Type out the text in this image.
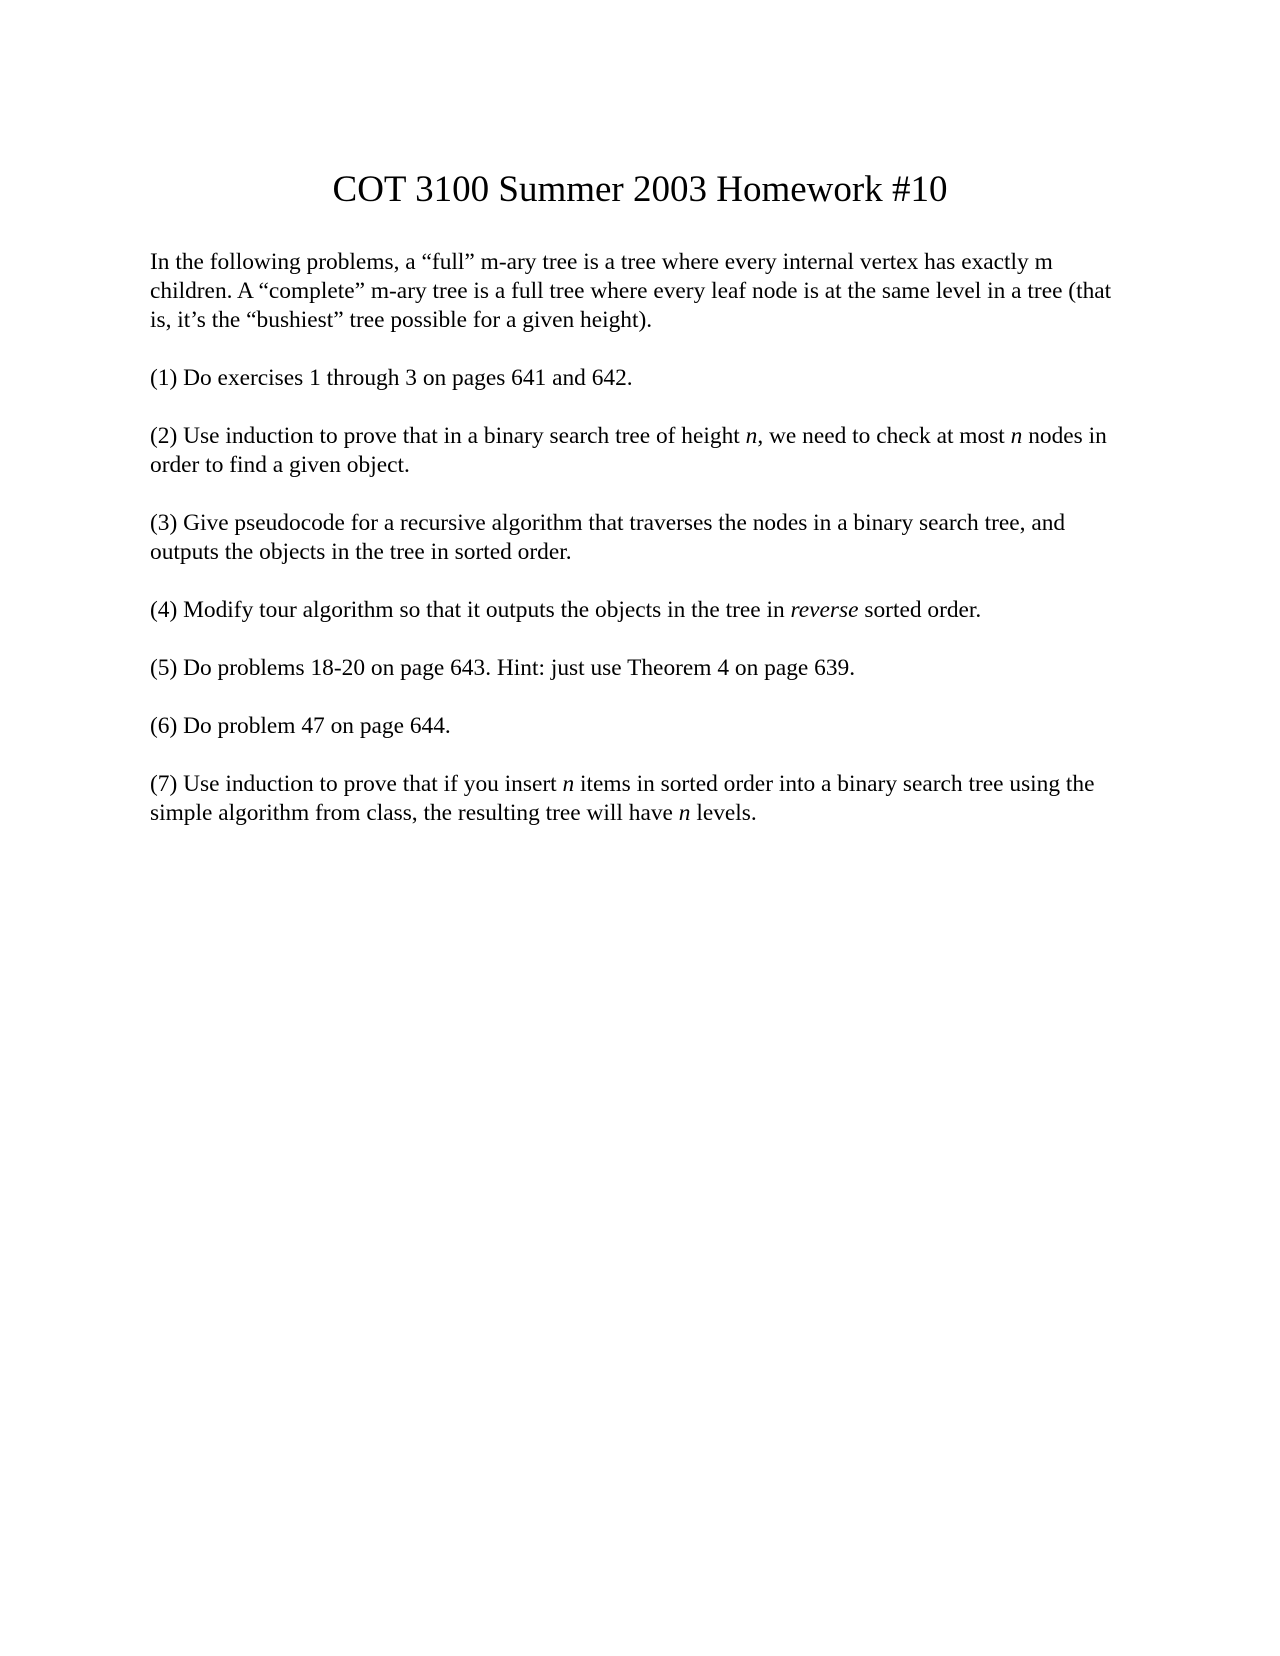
COT 3100 Summer 2003 Homework #10

In the following problems, a “full” m-ary tree is a tree where every internal vertex has exactly m children. A “complete” m-ary tree is a full tree where every leaf node is at the same level in a tree (that is, it’s the “bushiest” tree possible for a given height).

(1) Do exercises 1 through 3 on pages 641 and 642.

(2) Use induction to prove that in a binary search tree of height n, we need to check at most n nodes in order to find a given object.

(3) Give pseudocode for a recursive algorithm that traverses the nodes in a binary search tree, and outputs the objects in the tree in sorted order.

(4) Modify tour algorithm so that it outputs the objects in the tree in reverse sorted order.

(5) Do problems 18-20 on page 643. Hint: just use Theorem 4 on page 639.

(6) Do problem 47 on page 644.

(7) Use induction to prove that if you insert n items in sorted order into a binary search tree using the simple algorithm from class, the resulting tree will have n levels.
